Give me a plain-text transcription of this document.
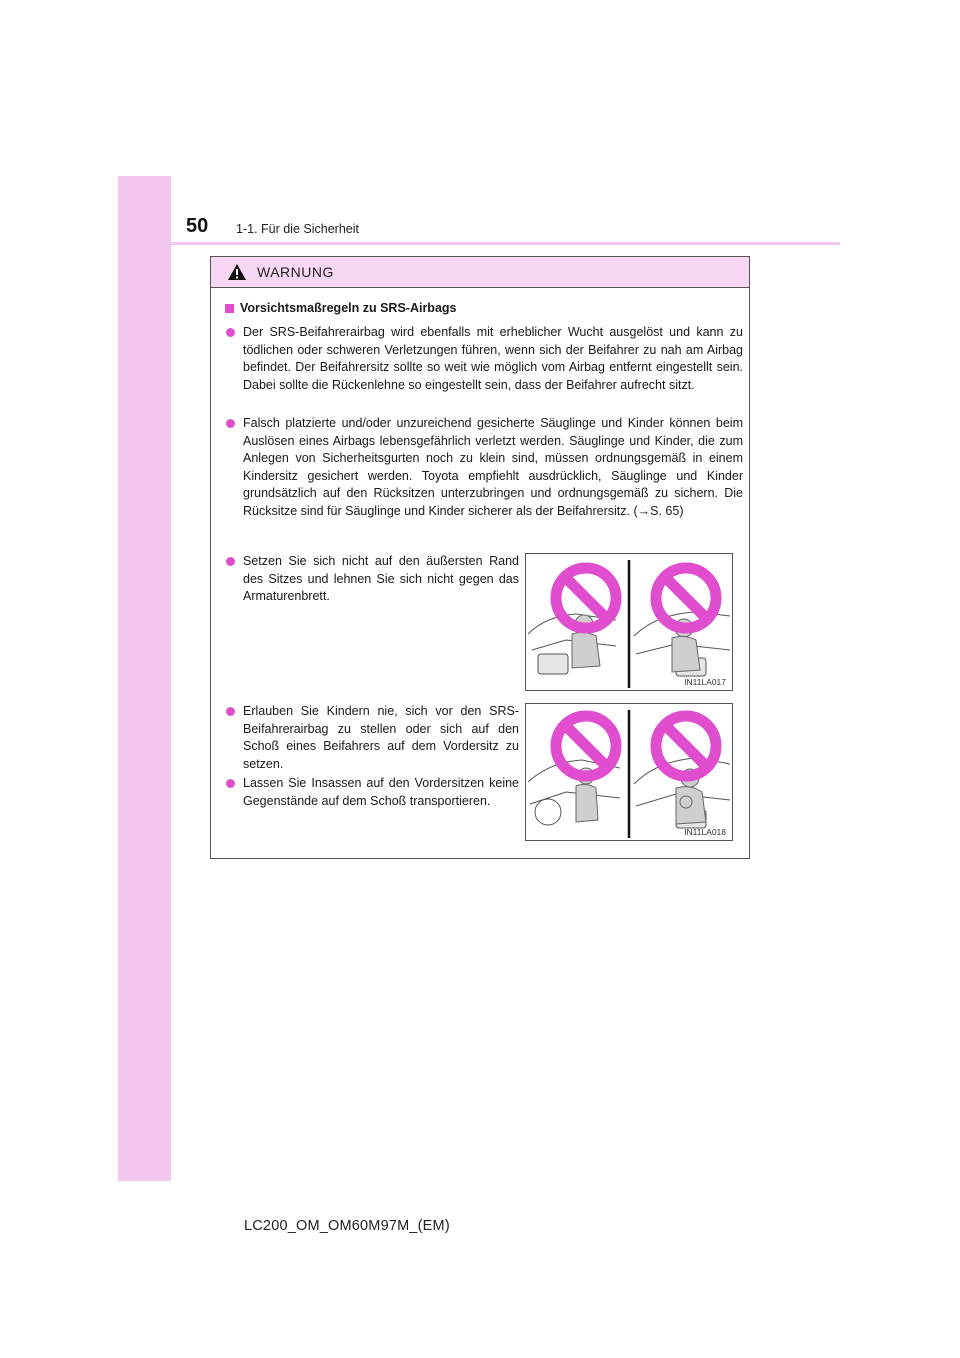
50 1-1. Für die Sicherheit
WARNUNG
Vorsichtsmaßregeln zu SRS-Airbags
Der SRS-Beifahrerairbag wird ebenfalls mit erheblicher Wucht ausgelöst und kann zu tödlichen oder schweren Verletzungen führen, wenn sich der Beifahrer zu nah am Airbag befindet. Der Beifahrersitz sollte so weit wie möglich vom Airbag entfernt eingestellt sein. Dabei sollte die Rückenlehne so eingestellt sein, dass der Beifahrer aufrecht sitzt.
Falsch platzierte und/oder unzureichend gesicherte Säuglinge und Kinder können beim Auslösen eines Airbags lebensgefährlich verletzt werden. Säuglinge und Kinder, die zum Anlegen von Sicherheitsgurten noch zu klein sind, müssen ordnungsgemäß in einem Kindersitz gesichert werden. Toyota empfiehlt ausdrücklich, Säuglinge und Kinder grundsätzlich auf den Rücksitzen unterzubringen und ordnungsgemäß zu sichern. Die Rücksitze sind für Säuglinge und Kinder sicherer als der Beifahrersitz. (→S. 65)
Setzen Sie sich nicht auf den äußersten Rand des Sitzes und lehnen Sie sich nicht gegen das Armaturenbrett.
Erlauben Sie Kindern nie, sich vor den SRS-Beifahrerairbag zu stellen oder sich auf den Schoß eines Beifahrers auf dem Vordersitz zu setzen.
Lassen Sie Insassen auf den Vordersitzen keine Gegenstände auf dem Schoß transportieren.
IN11LA017
IN11LA018
LC200_OM_OM60M97M_(EM)
